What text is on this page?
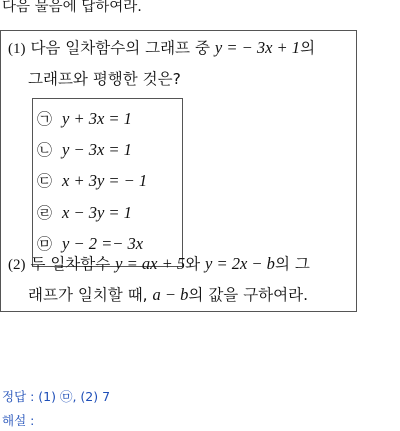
다음 물음에 답하여라.
(1) 다음 일차함수의 그래프 중 y = − 3x + 1의
그래프와 평행한 것은?
㉠ y + 3x = 1
㉡ y − 3x = 1
㉢ x + 3y = − 1
㉣ x − 3y = 1
㉤ y − 2 =− 3x
(2) 두 일차함수 y = ax + 5와 y = 2x − b의 그
래프가 일치할 때, a − b의 값을 구하여라.
정답 : (1) ㉤, (2) 7
해설 :
